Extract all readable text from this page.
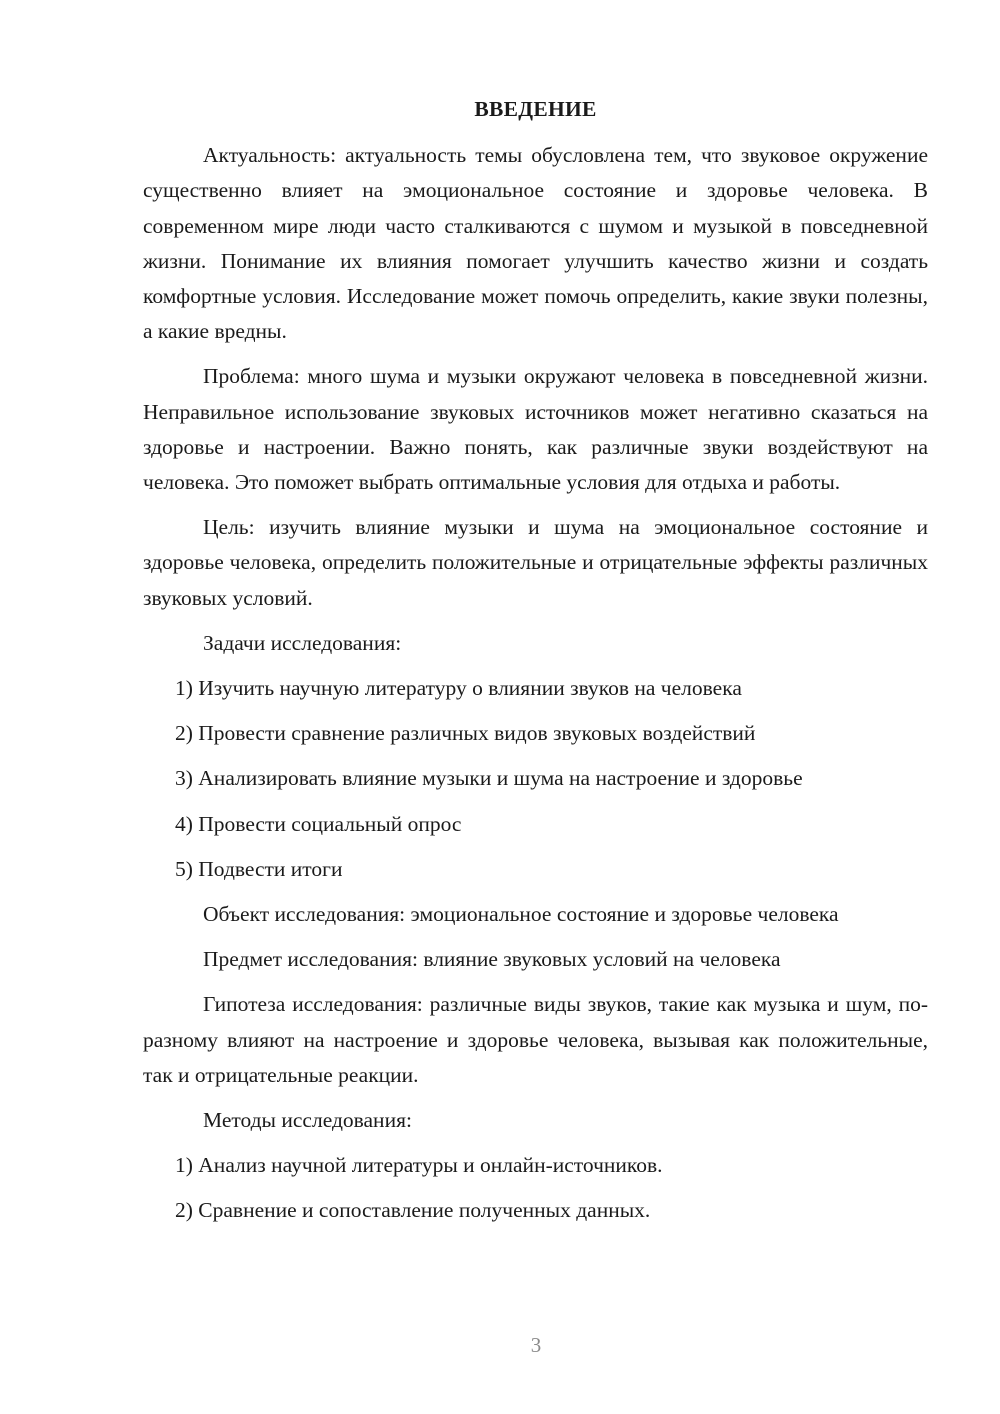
ВВЕДЕНИЕ
Актуальность: актуальность темы обусловлена тем, что звуковое окружение существенно влияет на эмоциональное состояние и здоровье человека. В современном мире люди часто сталкиваются с шумом и музыкой в повседневной жизни. Понимание их влияния помогает улучшить качество жизни и создать комфортные условия. Исследование может помочь определить, какие звуки полезны, а какие вредны.
Проблема: много шума и музыки окружают человека в повседневной жизни. Неправильное использование звуковых источников может негативно сказаться на здоровье и настроении. Важно понять, как различные звуки воздействуют на человека. Это поможет выбрать оптимальные условия для отдыха и работы.
Цель: изучить влияние музыки и шума на эмоциональное состояние и здоровье человека, определить положительные и отрицательные эффекты различных звуковых условий.
Задачи исследования:
1) Изучить научную литературу о влиянии звуков на человека
2) Провести сравнение различных видов звуковых воздействий
3) Анализировать влияние музыки и шума на настроение и здоровье
4) Провести социальный опрос
5) Подвести итоги
Объект исследования: эмоциональное состояние и здоровье человека
Предмет исследования: влияние звуковых условий на человека
Гипотеза исследования: различные виды звуков, такие как музыка и шум, по-разному влияют на настроение и здоровье человека, вызывая как положительные, так и отрицательные реакции.
Методы исследования:
1) Анализ научной литературы и онлайн-источников.
2) Сравнение и сопоставление полученных данных.
3
